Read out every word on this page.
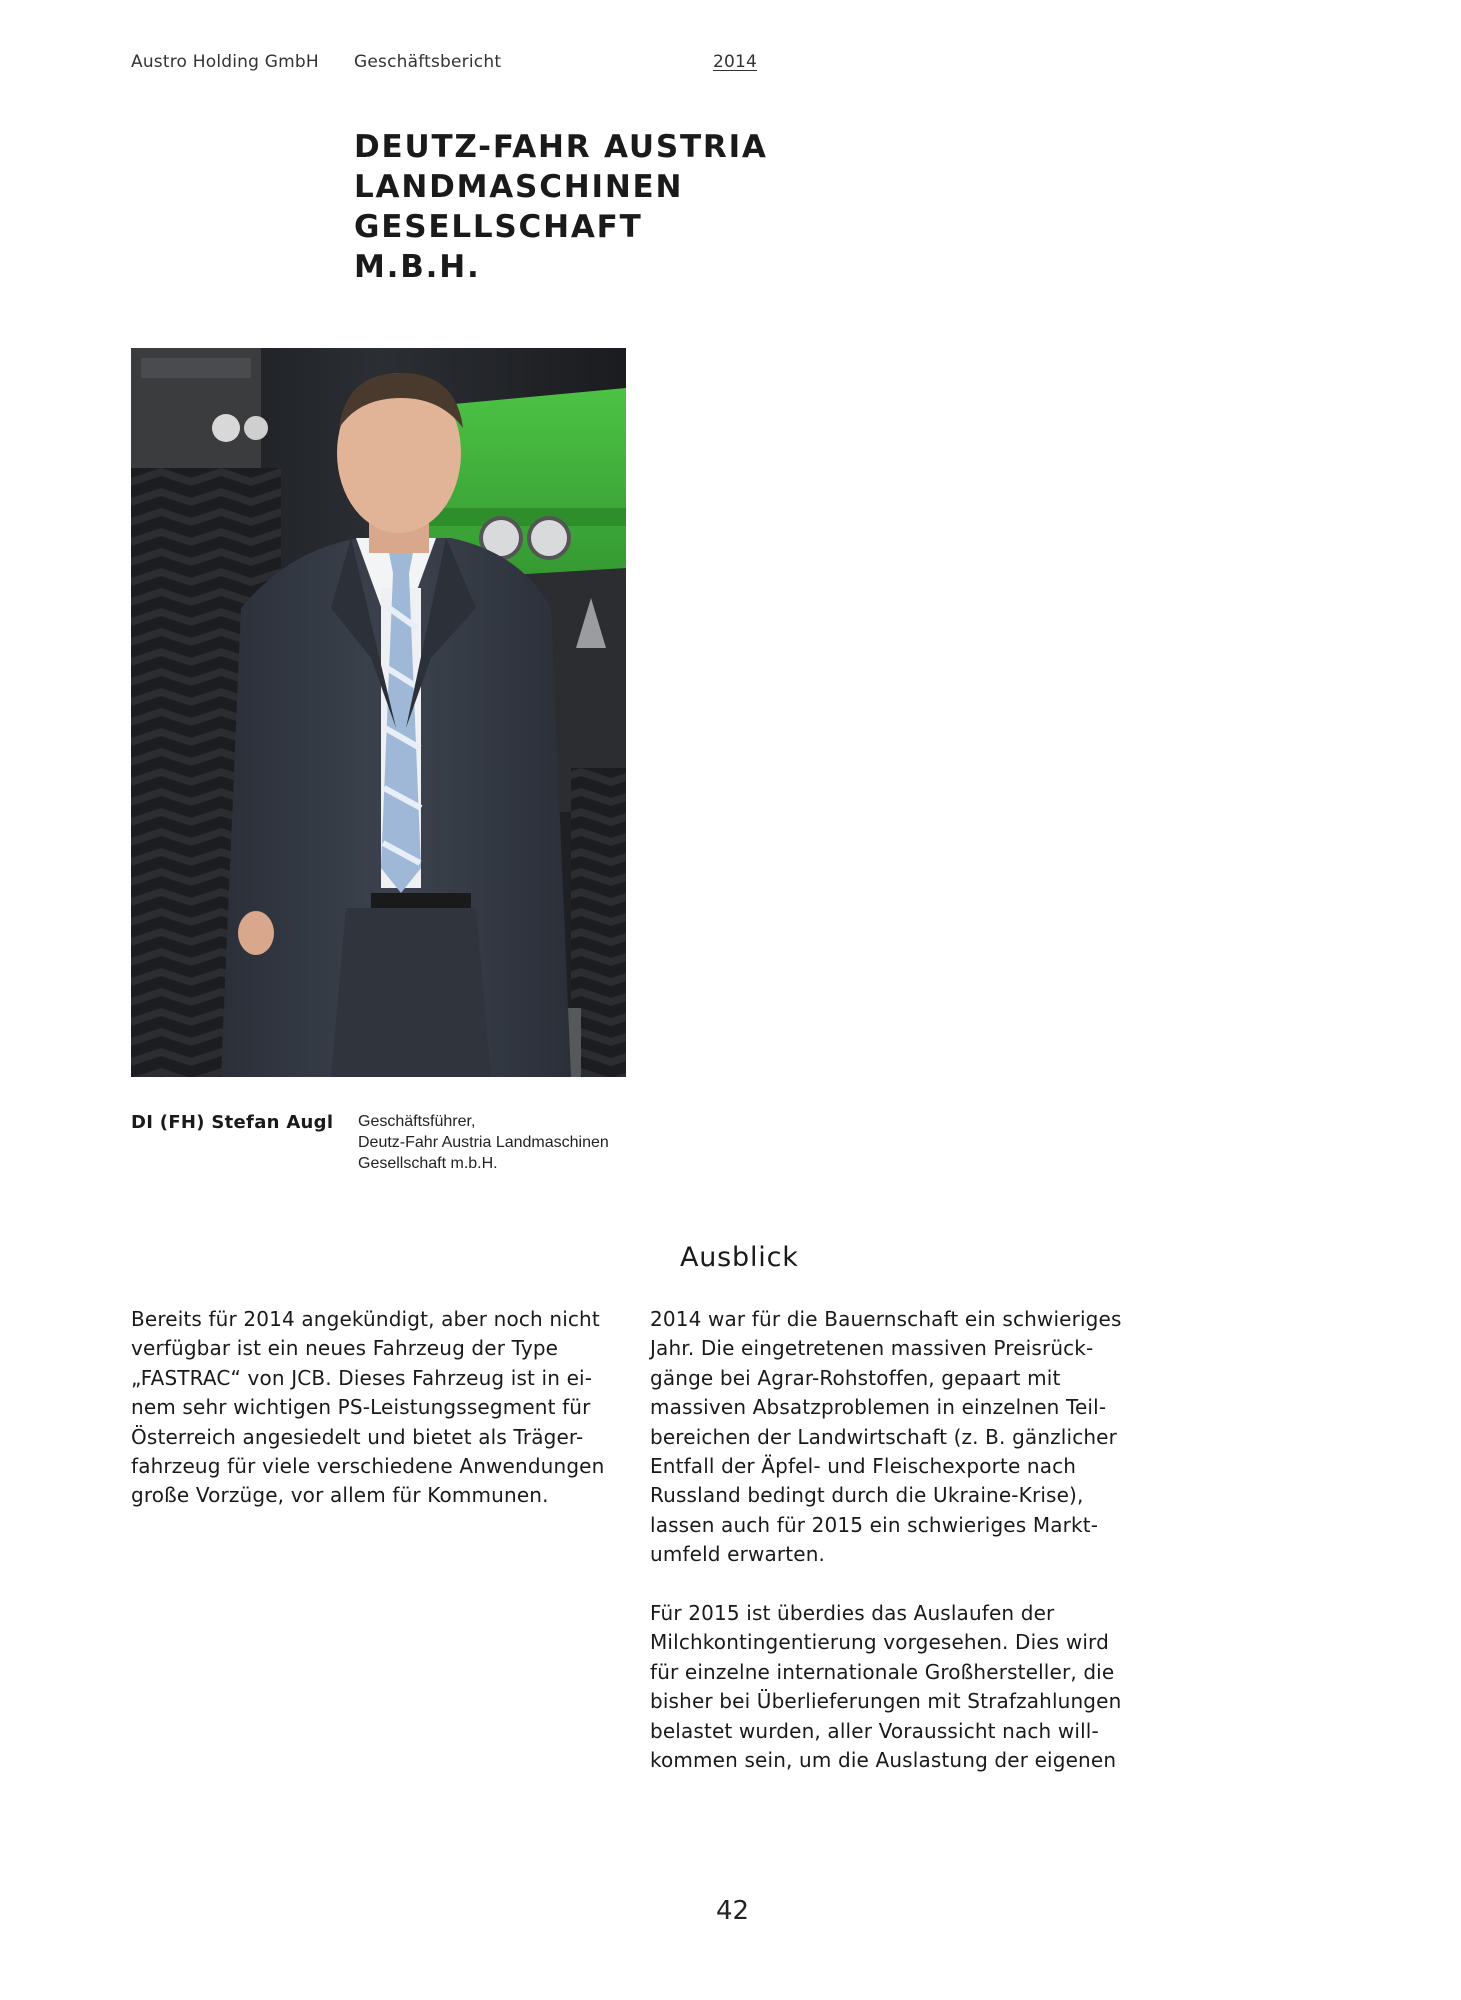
Austro Holding GmbH	Geschäftsbericht	2014
DEUTZ-FAHR AUSTRIA
LANDMASCHINEN GESELLSCHAFT
M.B.H.
DI (FH) Stefan Augl Geschäftsführer,
Deutz-Fahr Austria Landmaschinen
Gesellschaft m.b.H.
Ausblick
Bereits für 2014 angekündigt, aber noch nicht
verfügbar ist ein neues Fahrzeug der Type
„FASTRAC“ von JCB. Dieses Fahrzeug ist in ei-
nem sehr wichtigen PS-Leistungssegment für
Österreich angesiedelt und bietet als Träger-
fahrzeug für viele verschiedene Anwendungen
große Vorzüge, vor allem für Kommunen.
2014 war für die Bauernschaft ein schwieriges
Jahr. Die eingetretenen massiven Preisrück-
gänge bei Agrar-Rohstoffen, gepaart mit
massiven Absatzproblemen in einzelnen Teil-
bereichen der Landwirtschaft (z. B. gänzlicher
Entfall der Äpfel- und Fleischexporte nach
Russland bedingt durch die Ukraine-Krise),
lassen auch für 2015 ein schwieriges Markt-
umfeld erwarten.
Für 2015 ist überdies das Auslaufen der
Milchkontingentierung vorgesehen. Dies wird
für einzelne internationale Großhersteller, die
bisher bei Überlieferungen mit Strafzahlungen
belastet wurden, aller Voraussicht nach will-
kommen sein, um die Auslastung der eigenen
42
